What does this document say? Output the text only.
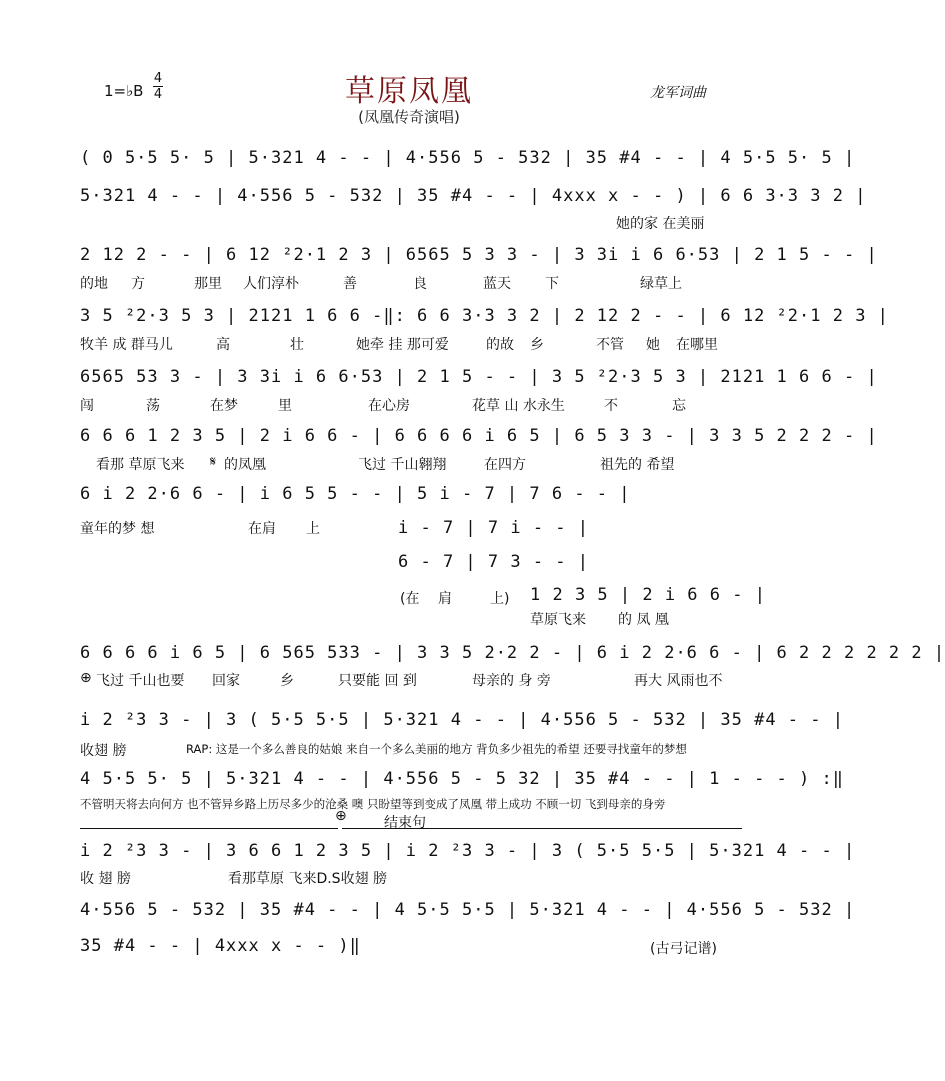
1=♭B
4
4	草原凤凰
(凤凰传奇演唱)
龙军词曲
( 0 5·5 5· 5 | 5·321 4 - - | 4·556 5 - 532 | 35 #4 - - | 4 5·5 5· 5 |
5·321 4 - - | 4·556 5 - 532 | 35 #4 - - | 4xxx x - - ) | 6 6 3·3 3 2 |
她的家 在美丽
2 12 2 - - | 6 12 ²2·1 2 3 | 6565 5 3 3 - | 3 3i i 6 6·53 | 2 1 5 - - |
的地 方	那里 人们淳朴	善	良	蓝天 下	绿草上
3 5 ²2·3 5 3 | 2121 1 6 6 -‖: 6 6 3·3 3 2 | 2 12 2 - - | 6 12 ²2·1 2 3 |
牧羊 成 群马儿	高	壮	她牵 挂 那可爱	的故 乡	不管 她 在哪里
6565 53 3 - | 3 3i i 6 6·53 | 2 1 5 - - | 3 5 ²2·3 5 3 | 2121 1 6 6 - |
闯	荡	在梦	里	在心房	花草 山 水永生	不	忘
6 6 6 1 2 3 5 | 2 i 6 6 - | 6 6 6 6 i 6 5 | 6 5 3 3 - | 3 3 5 2 2 2 - |
看那 草原飞来 𝄋 的凤凰	飞过 千山翱翔	在四方	祖先的 希望
6 i 2 2·6 6 - | i 6 5 5 - - | 5 i - 7 | 7 6 - - |
童年的梦 想	在肩 上	i - 7 | 7 i - - |
6 - 7 | 7 3 - - |
(在 肩	上) 1 2 3 5 | 2 i 6 6 - |
草原飞来 的 凤 凰
6 6 6 6 i 6 5 | 6 565 533 - | 3 3 5 2·2 2 - | 6 i 2 2·6 6 - | 6 2 2 2 2 2 2 |
⊕ 飞过 千山也要 回家	乡	只要能 回 到	母亲的 身 旁	再大 风雨也不
i 2 ²3 3 - | 3 ( 5·5 5·5 | 5·321 4 - - | 4·556 5 - 532 | 35 #4 - - |
收翅 膀	RAP: 这是一个多么善良的姑娘 来自一个多么美丽的地方 背负多少祖先的希望 还要寻找童年的梦想
4 5·5 5· 5 | 5·321 4 - - | 4·556 5 - 5 32 | 35 #4 - - | 1 - - - ) :‖
不管明天将去向何方 也不管异乡路上历尽多少的沧桑 噢 只盼望等到变成了凤凰 带上成功 不顾一切 飞到母亲的身旁
⊕	结束句
i 2 ²3 3 - | 3 6 6 1 2 3 5 | i 2 ²3 3 - | 3 ( 5·5 5·5 | 5·321 4 - - |
收 翅 膀	看那草原 飞来D.S收翅 膀
4·556 5 - 532 | 35 #4 - - | 4 5·5 5·5 | 5·321 4 - - | 4·556 5 - 532 |
35 #4 - - | 4xxx x - - )‖	(古弓记谱)
